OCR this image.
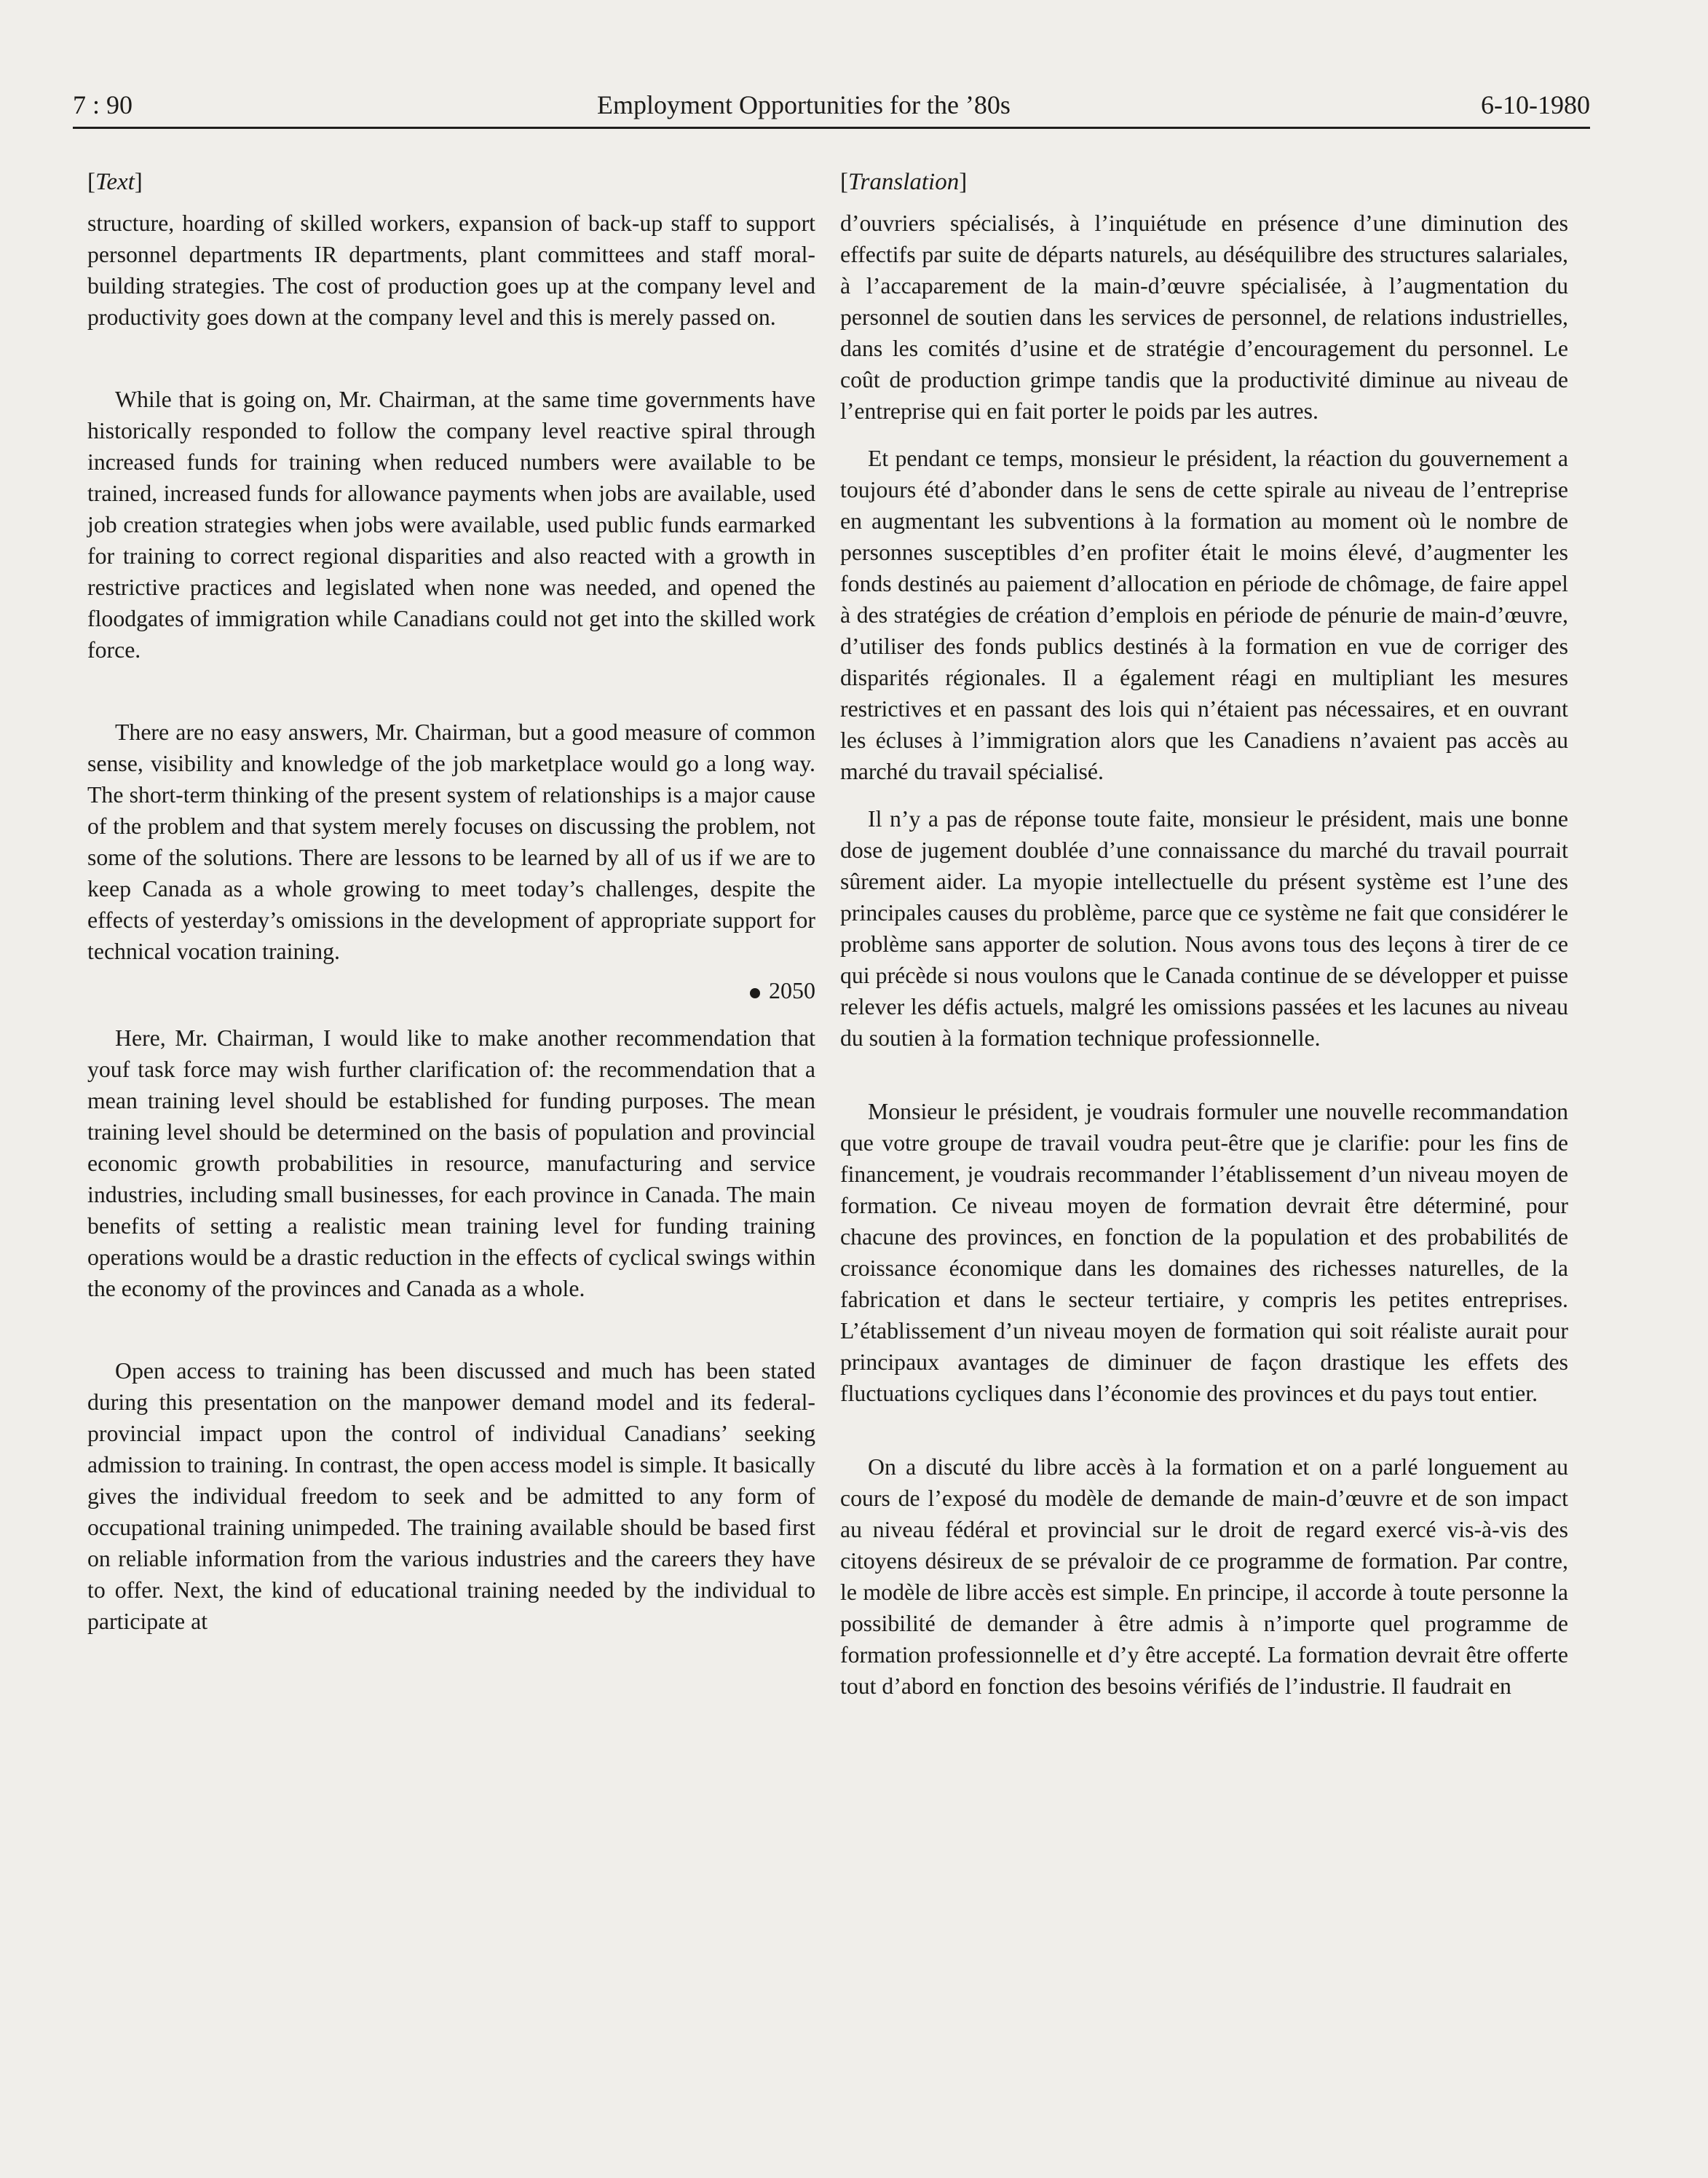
7 : 90	Employment Opportunities for the ’80s	6-10-1980
[Text]

structure, hoarding of skilled workers, expansion of back-up staff to support personnel departments IR departments, plant committees and staff moral-building strategies. The cost of production goes up at the company level and productivity goes down at the company level and this is merely passed on.

While that is going on, Mr. Chairman, at the same time governments have historically responded to follow the company level reactive spiral through increased funds for training when reduced numbers were available to be trained, increased funds for allowance payments when jobs are available, used job creation strategies when jobs were available, used public funds earmarked for training to correct regional disparities and also reacted with a growth in restrictive practices and legislated when none was needed, and opened the floodgates of immigration while Canadians could not get into the skilled work force.

There are no easy answers, Mr. Chairman, but a good measure of common sense, visibility and knowledge of the job marketplace would go a long way. The short-term thinking of the present system of relationships is a major cause of the problem and that system merely focuses on discussing the problem, not some of the solutions. There are lessons to be learned by all of us if we are to keep Canada as a whole growing to meet today’s challenges, despite the effects of yesterday’s omissions in the development of appropriate support for technical vocation training.

2050

Here, Mr. Chairman, I would like to make another recommendation that youf task force may wish further clarification of: the recommendation that a mean training level should be established for funding purposes. The mean training level should be determined on the basis of population and provincial economic growth probabilities in resource, manufacturing and service industries, including small businesses, for each province in Canada. The main benefits of setting a realistic mean training level for funding training operations would be a drastic reduction in the effects of cyclical swings within the economy of the provinces and Canada as a whole.

Open access to training has been discussed and much has been stated during this presentation on the manpower demand model and its federal-provincial impact upon the control of individual Canadians’ seeking admission to training. In contrast, the open access model is simple. It basically gives the individual freedom to seek and be admitted to any form of occupational training unimpeded. The training available should be based first on reliable information from the various industries and the careers they have to offer. Next, the kind of educational training needed by the individual to participate at

[Translation]

d’ouvriers spécialisés, à l’inquiétude en présence d’une diminution des effectifs par suite de départs naturels, au déséquilibre des structures salariales, à l’accaparement de la main-d’œuvre spécialisée, à l’augmentation du personnel de soutien dans les services de personnel, de relations industrielles, dans les comités d’usine et de stratégie d’encouragement du personnel. Le coût de production grimpe tandis que la productivité diminue au niveau de l’entreprise qui en fait porter le poids par les autres.

Et pendant ce temps, monsieur le président, la réaction du gouvernement a toujours été d’abonder dans le sens de cette spirale au niveau de l’entreprise en augmentant les subventions à la formation au moment où le nombre de personnes susceptibles d’en profiter était le moins élevé, d’augmenter les fonds destinés au paiement d’allocation en période de chômage, de faire appel à des stratégies de création d’emplois en période de pénurie de main-d’œuvre, d’utiliser des fonds publics destinés à la formation en vue de corriger des disparités régionales. Il a également réagi en multipliant les mesures restrictives et en passant des lois qui n’étaient pas nécessaires, et en ouvrant les écluses à l’immigration alors que les Canadiens n’avaient pas accès au marché du travail spécialisé.

Il n’y a pas de réponse toute faite, monsieur le président, mais une bonne dose de jugement doublée d’une connaissance du marché du travail pourrait sûrement aider. La myopie intellectuelle du présent système est l’une des principales causes du problème, parce que ce système ne fait que considérer le problème sans apporter de solution. Nous avons tous des leçons à tirer de ce qui précède si nous voulons que le Canada continue de se développer et puisse relever les défis actuels, malgré les omissions passées et les lacunes au niveau du soutien à la formation technique professionnelle.

Monsieur le président, je voudrais formuler une nouvelle recommandation que votre groupe de travail voudra peut-être que je clarifie: pour les fins de financement, je voudrais recommander l’établissement d’un niveau moyen de formation. Ce niveau moyen de formation devrait être déterminé, pour chacune des provinces, en fonction de la population et des probabilités de croissance économique dans les domaines des richesses naturelles, de la fabrication et dans le secteur tertiaire, y compris les petites entreprises. L’établissement d’un niveau moyen de formation qui soit réaliste aurait pour principaux avantages de diminuer de façon drastique les effets des fluctuations cycliques dans l’économie des provinces et du pays tout entier.

On a discuté du libre accès à la formation et on a parlé longuement au cours de l’exposé du modèle de demande de main-d’œuvre et de son impact au niveau fédéral et provincial sur le droit de regard exercé vis-à-vis des citoyens désireux de se prévaloir de ce programme de formation. Par contre, le modèle de libre accès est simple. En principe, il accorde à toute personne la possibilité de demander à être admis à n’importe quel programme de formation professionnelle et d’y être accepté. La formation devrait être offerte tout d’abord en fonction des besoins vérifiés de l’industrie. Il faudrait en
